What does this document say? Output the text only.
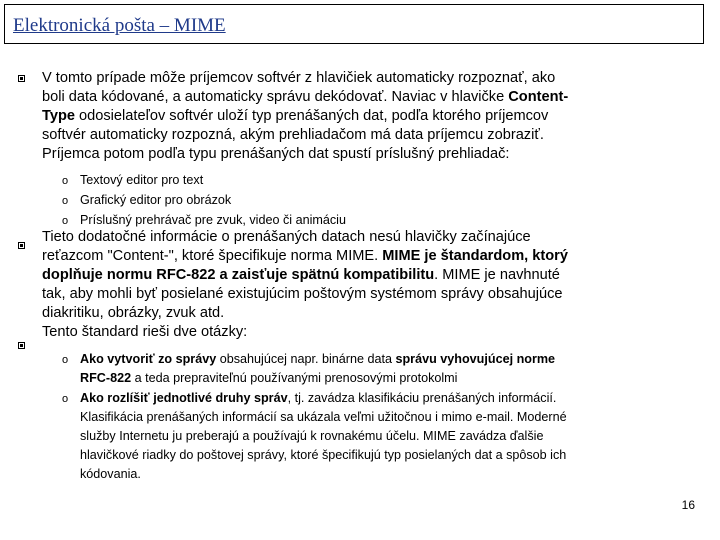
Elektronická pošta – MIME
V tomto prípade môže príjemcov softvér z hlavičiek automaticky rozpoznať, ako
boli data kódované, a automaticky správu dekódovať. Naviac v hlavičke Content-
Type odosielateľov softvér uloží typ prenášaných dat, podľa ktorého príjemcov
softvér automaticky rozpozná, akým prehliadačom má data príjemcu zobraziť.
Príjemca potom podľa typu prenášaných dat spustí príslušný prehliadač:
o Textový editor pro text
o Grafický editor pro obrázok
o Príslušný prehrávač pre zvuk, video či animáciu
Tieto dodatočné informácie o prenášaných datach nesú hlavičky začínajúce
reťazcom "Content-", ktoré špecifikuje norma MIME. MIME je štandardom, ktorý
doplňuje normu RFC-822 a zaisťuje spätnú kompatibilitu. MIME je navhnuté
tak, aby mohli byť posielané existujúcim poštovým systémom správy obsahujúce
diakritiku, obrázky, zvuk atd.
Tento štandard rieši dve otázky:
o Ako vytvoriť zo správy obsahujúcej napr. binárne data správu vyhovujúcej norme
RFC-822 a teda prepraviteľnú používanými prenosovými protokolmi
o Ako rozlíšiť jednotlivé druhy správ, tj. zavádza klasifikáciu prenášaných informácií.
Klasifikácia prenášaných informácií sa ukázala veľmi užitočnou i mimo e-mail. Moderné
služby Internetu ju preberajú a používajú k rovnakému účelu. MIME zavádza ďalšie
hlavičkové riadky do poštovej správy, ktoré špecifikujú typ posielaných dat a spôsob ich
kódovania.
16
